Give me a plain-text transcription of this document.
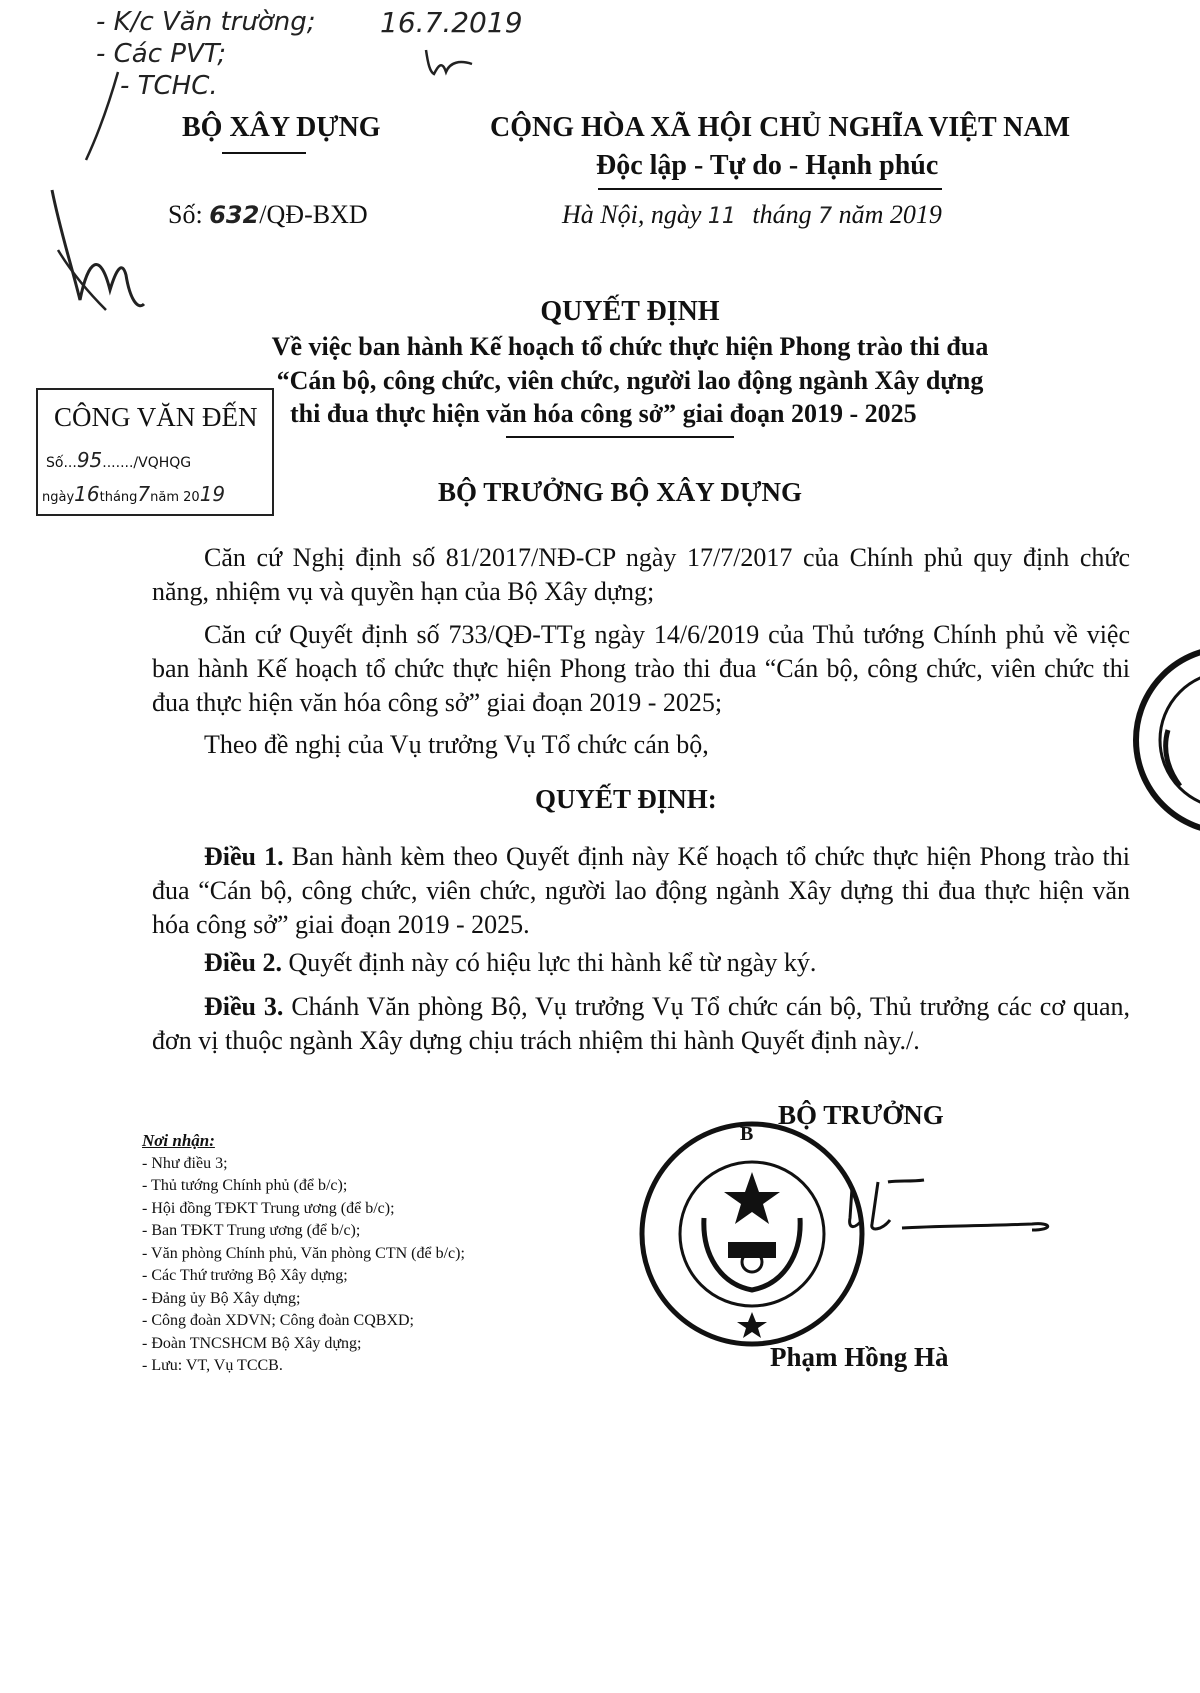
- K/c Văn trường;
- Các PVT;
- TCHC.
16.7.2019
BỘ XÂY DỰNG	CỘNG HÒA XÃ HỘI CHỦ NGHĨA VIỆT NAM
Độc lập - Tự do - Hạnh phúc
Số: 632/QĐ-BXD	Hà Nội, ngày 11 tháng 7 năm 2019
QUYẾT ĐỊNH
Về việc ban hành Kế hoạch tổ chức thực hiện Phong trào thi đua
“Cán bộ, công chức, viên chức, người lao động ngành Xây dựng
thi đua thực hiện văn hóa công sở” giai đoạn 2019 - 2025
CÔNG VĂN ĐẾN
Số...95......./VQHQG
ngày16tháng7năm 2019	BỘ TRƯỞNG BỘ XÂY DỰNG
Căn cứ Nghị định số 81/2017/NĐ-CP ngày 17/7/2017 của Chính phủ quy định chức năng, nhiệm vụ và quyền hạn của Bộ Xây dựng;
Căn cứ Quyết định số 733/QĐ-TTg ngày 14/6/2019 của Thủ tướng Chính phủ về việc ban hành Kế hoạch tổ chức thực hiện Phong trào thi đua “Cán bộ, công chức, viên chức thi đua thực hiện văn hóa công sở” giai đoạn 2019 - 2025;
Theo đề nghị của Vụ trưởng Vụ Tổ chức cán bộ,
QUYẾT ĐỊNH:
Điều 1. Ban hành kèm theo Quyết định này Kế hoạch tổ chức thực hiện Phong trào thi đua “Cán bộ, công chức, viên chức, người lao động ngành Xây dựng thi đua thực hiện văn hóa công sở” giai đoạn 2019 - 2025.
Điều 2. Quyết định này có hiệu lực thi hành kể từ ngày ký.
Điều 3. Chánh Văn phòng Bộ, Vụ trưởng Vụ Tổ chức cán bộ, Thủ trưởng các cơ quan, đơn vị thuộc ngành Xây dựng chịu trách nhiệm thi hành Quyết định này./.
Nơi nhận:
- Như điều 3;
- Thủ tướng Chính phủ (để b/c);
- Hội đồng TĐKT Trung ương (để b/c);
- Ban TĐKT Trung ương (để b/c);
- Văn phòng Chính phủ, Văn phòng CTN (để b/c);
- Các Thứ trưởng Bộ Xây dựng;
- Đảng ủy Bộ Xây dựng;
- Công đoàn XDVN; Công đoàn CQBXD;
- Đoàn TNCSHCM Bộ Xây dựng;
- Lưu: VT, Vụ TCCB.
BỘ TRƯỞNG
B
Phạm Hồng Hà
